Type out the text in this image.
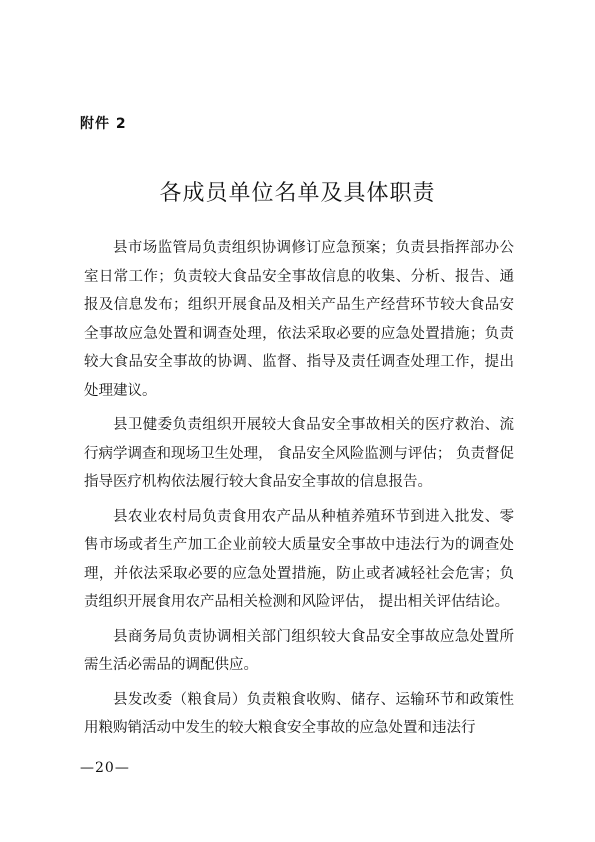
附件 2
各成员单位名单及具体职责

县市场监管局负责组织协调修订应急预案；负责县指挥部办公室日常工作；负责较大食品安全事故信息的收集、分析、报告、通报及信息发布；组织开展食品及相关产品生产经营环节较大食品安全事故应急处置和调查处理，依法采取必要的应急处置措施；负责较大食品安全事故的协调、监督、指导及责任调查处理工作，提出处理建议。

县卫健委负责组织开展较大食品安全事故相关的医疗救治、流行病学调查和现场卫生处理， 食品安全风险监测与评估； 负责督促指导医疗机构依法履行较大食品安全事故的信息报告。

县农业农村局负责食用农产品从种植养殖环节到进入批发、零售市场或者生产加工企业前较大质量安全事故中违法行为的调查处理，并依法采取必要的应急处置措施，防止或者减轻社会危害；负责组织开展食用农产品相关检测和风险评估， 提出相关评估结论。

县商务局负责协调相关部门组织较大食品安全事故应急处置所需生活必需品的调配供应。

县发改委（粮食局）负责粮食收购、储存、运输环节和政策性用粮购销活动中发生的较大粮食安全事故的应急处置和违法行

—20—
